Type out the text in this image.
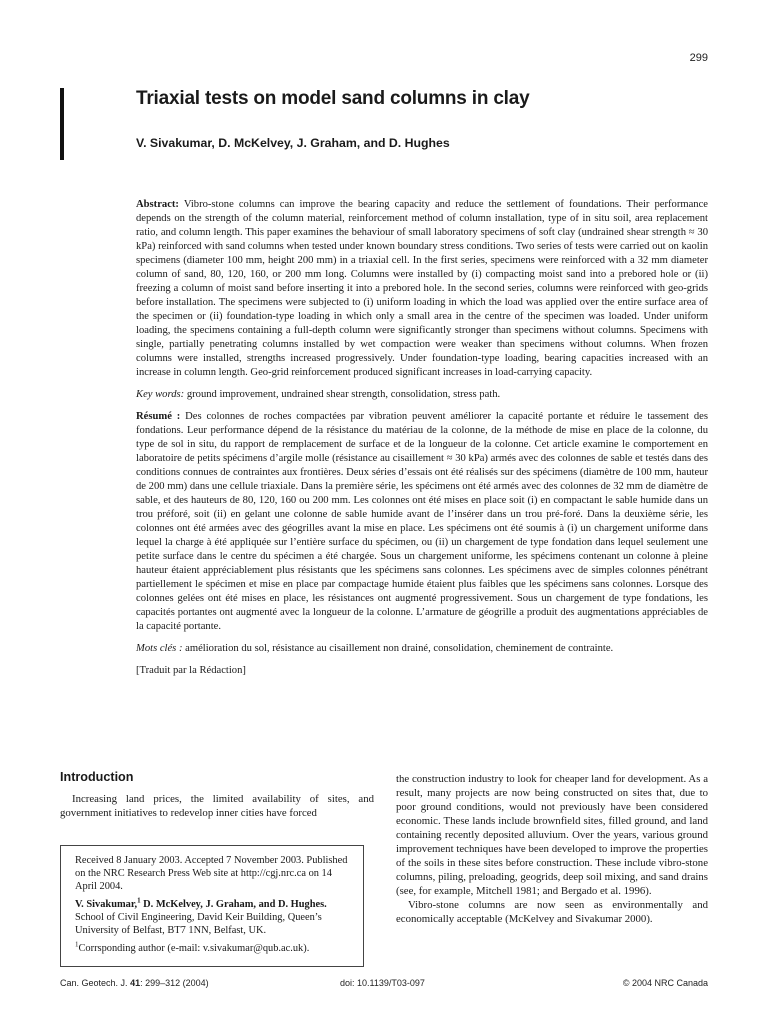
299
Triaxial tests on model sand columns in clay

V. Sivakumar, D. McKelvey, J. Graham, and D. Hughes

Abstract: Vibro-stone columns can improve the bearing capacity and reduce the settlement of foundations. Their performance depends on the strength of the column material, reinforcement method of column installation, type of in situ soil, area replacement ratio, and column length. This paper examines the behaviour of small laboratory specimens of soft clay (undrained shear strength ≈ 30 kPa) reinforced with sand columns when tested under known boundary stress conditions. Two series of tests were carried out on kaolin specimens (diameter 100 mm, height 200 mm) in a triaxial cell. In the first series, specimens were reinforced with a 32 mm diameter column of sand, 80, 120, 160, or 200 mm long. Columns were installed by (i) compacting moist sand into a prebored hole or (ii) freezing a column of moist sand before inserting it into a prebored hole. In the second series, columns were reinforced with geo-grids before installation. The specimens were subjected to (i) uniform loading in which the load was applied over the entire surface area of the specimen or (ii) foundation-type loading in which only a small area in the centre of the specimen was loaded. Under uniform loading, the specimens containing a full-depth column were significantly stronger than specimens without columns. Specimens with single, partially penetrating columns installed by wet compaction were weaker than specimens without columns. When frozen columns were installed, strengths increased progressively. Under foundation-type loading, bearing capacities increased with an increase in column length. Geo-grid reinforcement produced significant increases in load-carrying capacity.

Key words: ground improvement, undrained shear strength, consolidation, stress path.

Résumé : Des colonnes de roches compactées par vibration peuvent améliorer la capacité portante et réduire le tassement des fondations. Leur performance dépend de la résistance du matériau de la colonne, de la méthode de mise en place de la colonne, du type de sol in situ, du rapport de remplacement de surface et de la longueur de la colonne. Cet article examine le comportement en laboratoire de petits spécimens d’argile molle (résistance au cisaillement ≈ 30 kPa) armés avec des colonnes de sable et testés dans des conditions connues de contraintes aux frontières. Deux séries d’essais ont été réalisés sur des spécimens (diamètre de 100 mm, hauteur de 200 mm) dans une cellule triaxiale. Dans la première série, les spécimens ont été armés avec des colonnes de 32 mm de diamètre de sable, et des hauteurs de 80, 120, 160 ou 200 mm. Les colonnes ont été mises en place soit (i) en compactant le sable humide dans un trou préforé, soit (ii) en gelant une colonne de sable humide avant de l’insérer dans un trou pré-foré. Dans la deuxième série, les colonnes ont été armées avec des géogrilles avant la mise en place. Les spécimens ont été soumis à (i) un chargement uniforme dans lequel la charge à été appliquée sur l’entière surface du spécimen, ou (ii) un chargement de type fondation dans lequel seulement une petite surface dans le centre du spécimen a été chargée. Sous un chargement uniforme, les spécimens contenant un colonne à pleine hauteur étaient appréciablement plus résistants que les spécimens sans colonnes. Les spécimens avec de simples colonnes pénétrant partiellement le spécimen et mise en place par compactage humide étaient plus faibles que les spécimens sans colonnes. Lorsque des colonnes gelées ont été mises en place, les résistances ont augmenté progressivement. Sous un chargement de type fondations, les capacités portantes ont augmenté avec la longueur de la colonne. L’armature de géogrille a produit des augmentations appréciables de la capacité portante.

Mots clés : amélioration du sol, résistance au cisaillement non drainé, consolidation, cheminement de contrainte.

[Traduit par la Rédaction]

Introduction

Increasing land prices, the limited availability of sites, and government initiatives to redevelop inner cities have forced

Received 8 January 2003. Accepted 7 November 2003. Published on the NRC Research Press Web site at http://cgj.nrc.ca on 14 April 2004.

V. Sivakumar,$^1$ D. McKelvey, J. Graham, and D. Hughes. School of Civil Engineering, David Keir Building, Queen’s University of Belfast, BT7 1NN, Belfast, UK.

$^1$Corrsponding author (e-mail: v.sivakumar@qub.ac.uk).

the construction industry to look for cheaper land for development. As a result, many projects are now being constructed on sites that, due to poor ground conditions, would not previously have been considered economic. These lands include brownfield sites, filled ground, and land containing recently deposited alluvium. Over the years, various ground improvement techniques have been developed to improve the properties of the soils in these sites before construction. These include vibro-stone columns, piling, preloading, geogrids, deep soil mixing, and sand drains (see, for example, Mitchell 1981; and Bergado et al. 1996).

Vibro-stone columns are now seen as environmentally and economically acceptable (McKelvey and Sivakumar 2000).

Can. Geotech. J. 41: 299–312 (2004)	doi: 10.1139/T03-097	© 2004 NRC Canada
